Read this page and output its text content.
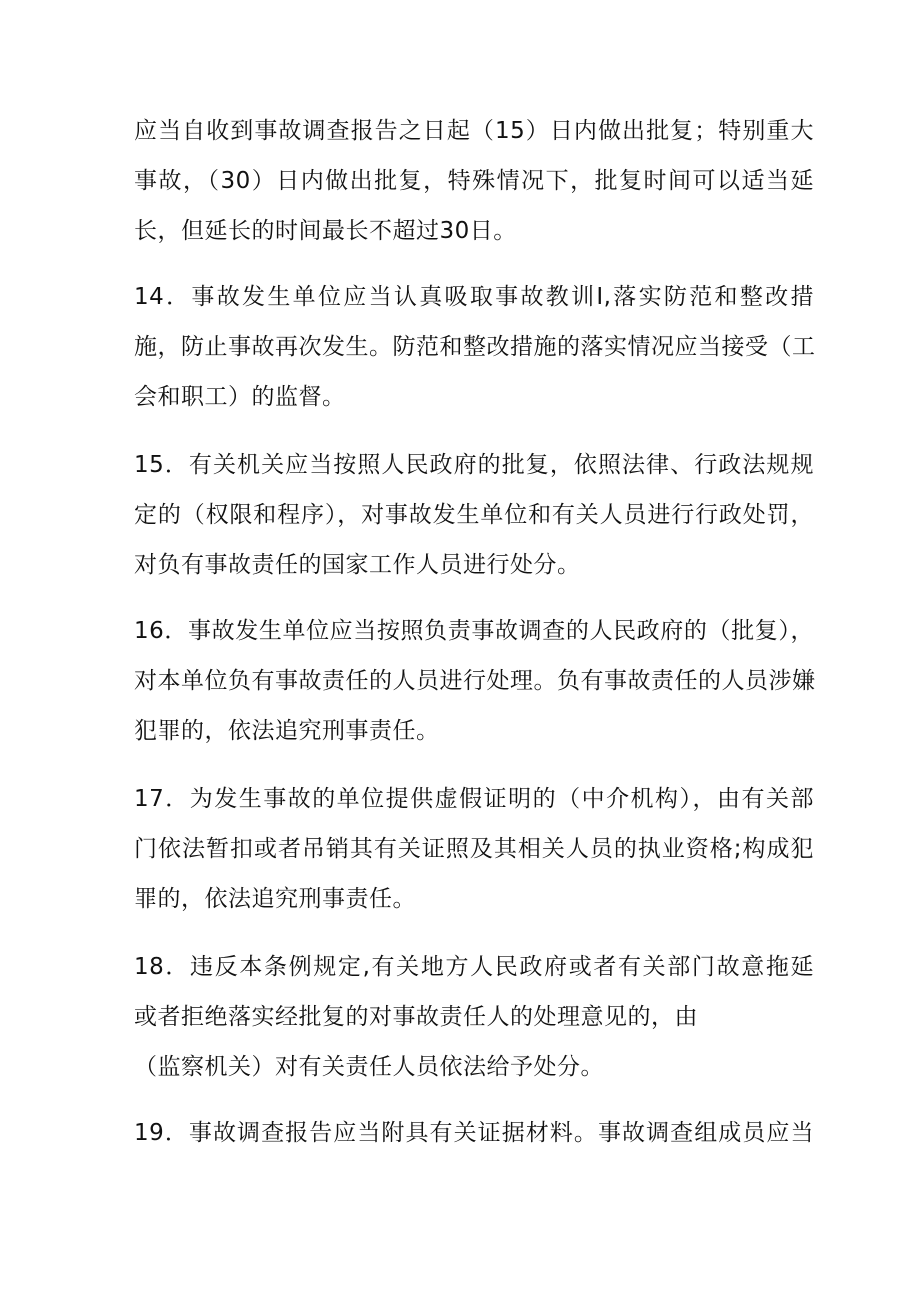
应当自收到事故调查报告之日起（15）日内做出批复；特别重大
事故，（30）日内做出批复，特殊情况下，批复时间可以适当延
长，但延长的时间最长不超过30日。
14．事故发生单位应当认真吸取事故教训I,落实防范和整改措
施，防止事故再次发生。防范和整改措施的落实情况应当接受（工
会和职工）的监督。
15．有关机关应当按照人民政府的批复，依照法律、行政法规规
定的（权限和程序），对事故发生单位和有关人员进行行政处罚，
对负有事故责任的国家工作人员进行处分。
16．事故发生单位应当按照负责事故调查的人民政府的（批复），
对本单位负有事故责任的人员进行处理。负有事故责任的人员涉嫌
犯罪的，依法追究刑事责任。
17．为发生事故的单位提供虚假证明的（中介机构），由有关部
门依法暂扣或者吊销其有关证照及其相关人员的执业资格;构成犯
罪的，依法追究刑事责任。
18．违反本条例规定,有关地方人民政府或者有关部门故意拖延
或者拒绝落实经批复的对事故责任人的处理意见的，由
（监察机关）对有关责任人员依法给予处分。
19．事故调查报告应当附具有关证据材料。事故调查组成员应当
